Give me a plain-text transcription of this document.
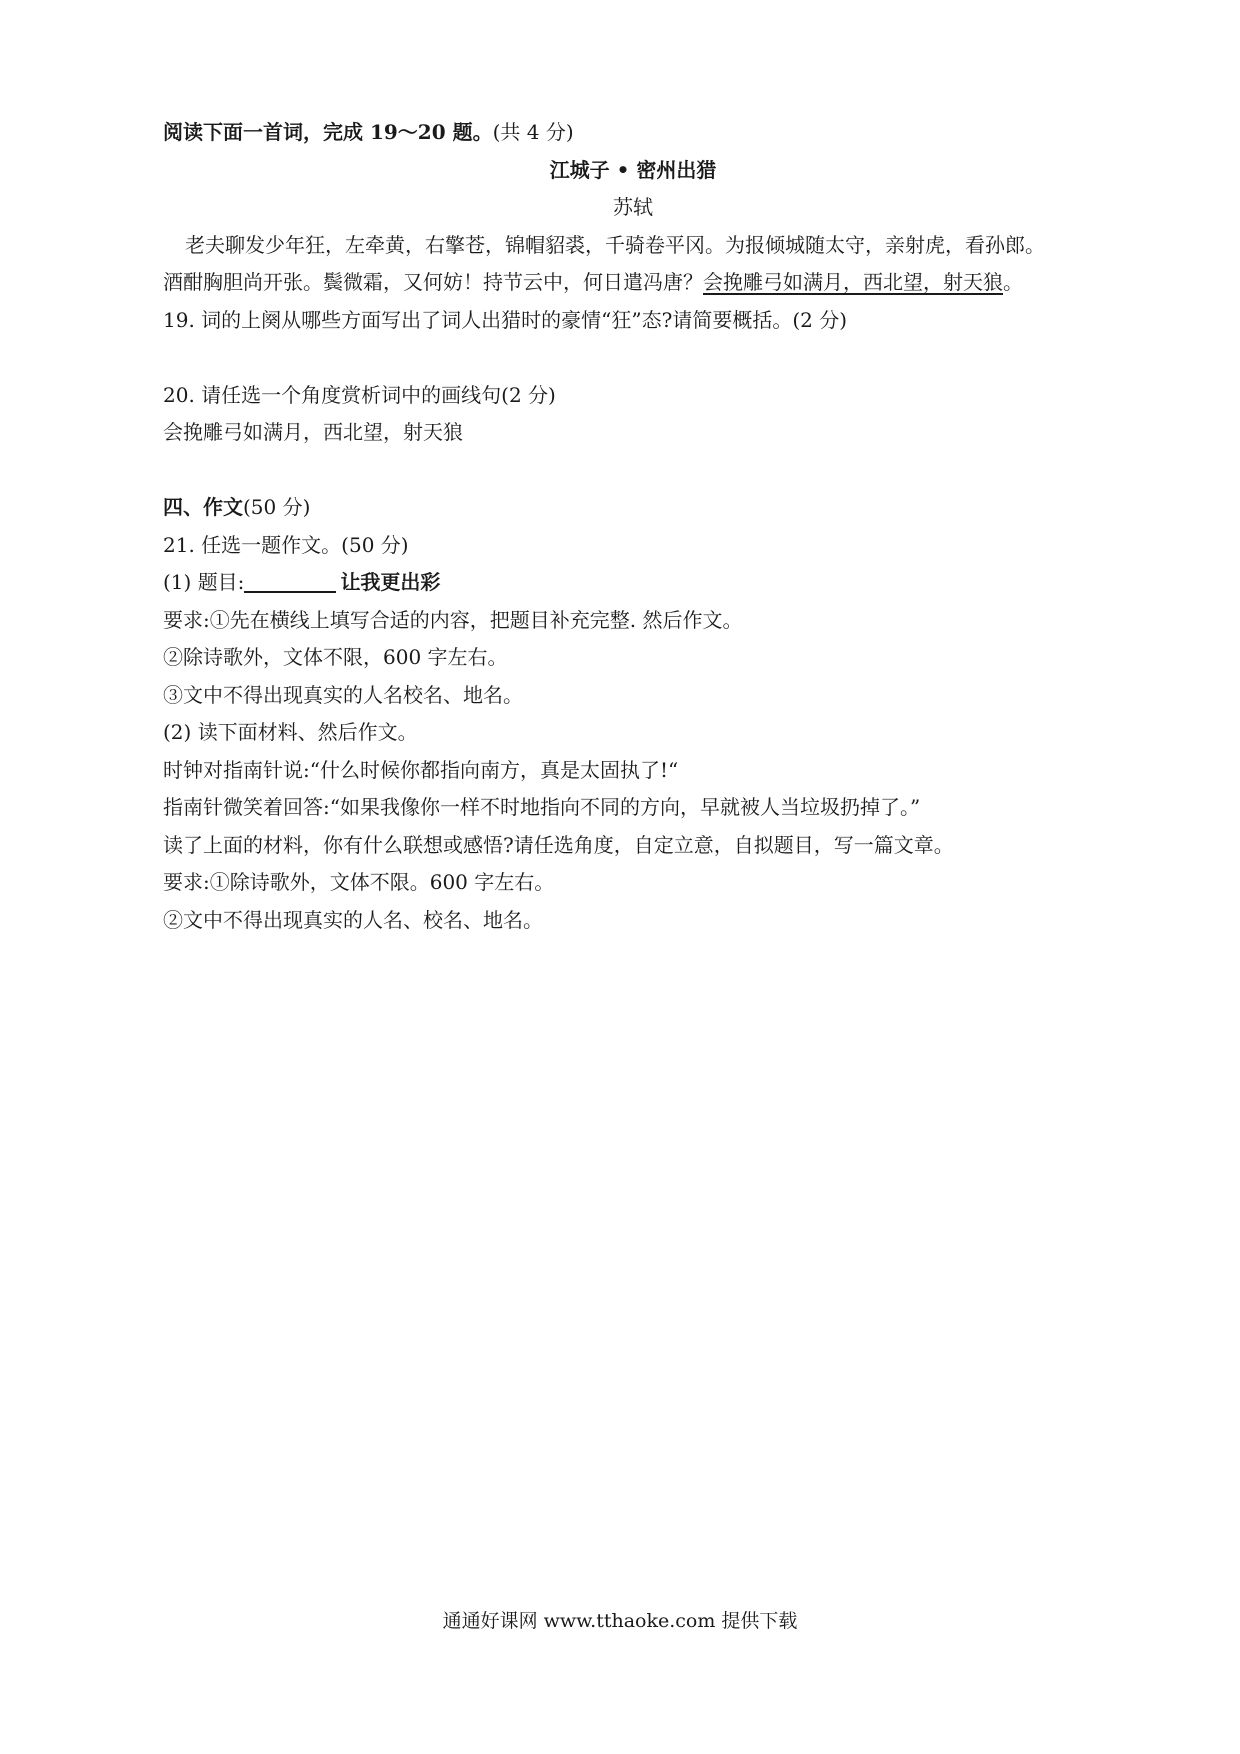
阅读下面一首词，完成 19～20 题。(共 4 分)
江城子 • 密州出猎
苏轼
老夫聊发少年狂，左牵黄，右擎苍，锦帽貂裘，千骑卷平冈。为报倾城随太守，亲射虎，看孙郎。
酒酣胸胆尚开张。鬓微霜，又何妨！持节云中，何日遣冯唐？会挽雕弓如满月，西北望，射天狼。
19. 词的上阕从哪些方面写出了词人出猎时的豪情“狂”态?请简要概括。(2 分)
20. 请任选一个角度赏析词中的画线句(2 分)
会挽雕弓如满月，西北望，射天狼
四、作文(50 分)
21. 任选一题作文。(50 分)
(1) 题目:	让我更出彩
要求:①先在横线上填写合适的内容，把题目补充完整. 然后作文。
②除诗歌外，文体不限，600 字左右。
③文中不得出现真实的人名校名、地名。
(2) 读下面材料、然后作文。
时钟对指南针说:“什么时候你都指向南方，真是太固执了!“
指南针微笑着回答:“如果我像你一样不时地指向不同的方向，早就被人当垃圾扔掉了。”
读了上面的材料，你有什么联想或感悟?请任选角度，自定立意，自拟题目，写一篇文章。
要求:①除诗歌外，文体不限。600 字左右。
②文中不得出现真实的人名、校名、地名。
通通好课网 www.tthaoke.com 提供下载
